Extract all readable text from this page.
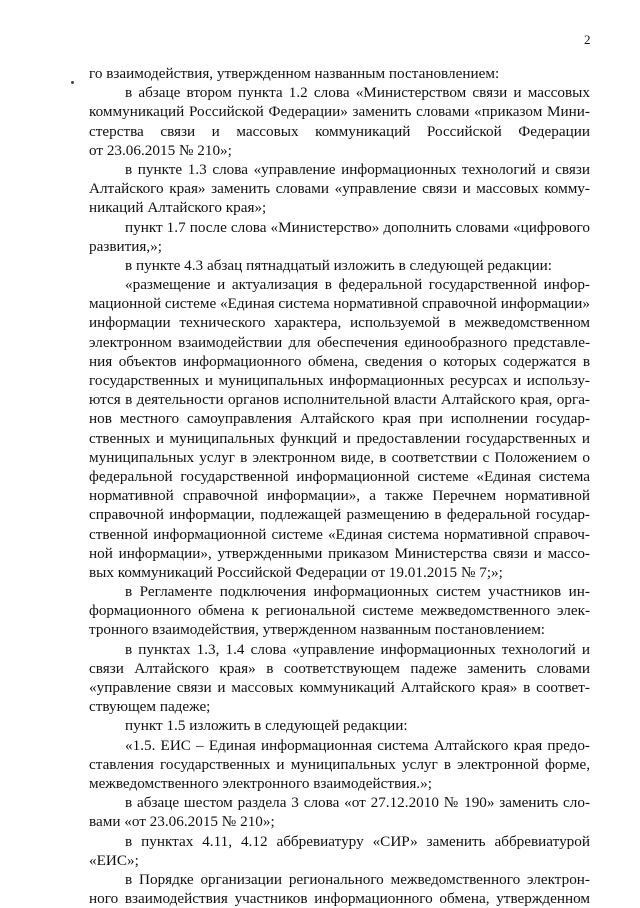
2
го взаимодействия, утвержденном названным постановлением:
в абзаце втором пункта 1.2 слова «Министерством связи и массовых
коммуникаций Российской Федерации» заменить словами «приказом Мини-
стерства связи и массовых коммуникаций Российской Федерации
от 23.06.2015 № 210»;
в пункте 1.3 слова «управление информационных технологий и связи
Алтайского края» заменить словами «управление связи и массовых комму-
никаций Алтайского края»;
пункт 1.7 после слова «Министерство» дополнить словами «цифрового
развития,»;
в пункте 4.3 абзац пятнадцатый изложить в следующей редакции:
«размещение и актуализация в федеральной государственной инфор-
мационной системе «Единая система нормативной справочной информации»
информации технического характера, используемой в межведомственном
электронном взаимодействии для обеспечения единообразного представле-
ния объектов информационного обмена, сведения о которых содержатся в
государственных и муниципальных информационных ресурсах и использу-
ются в деятельности органов исполнительной власти Алтайского края, орга-
нов местного самоуправления Алтайского края при исполнении государ-
ственных и муниципальных функций и предоставлении государственных и
муниципальных услуг в электронном виде, в соответствии с Положением о
федеральной государственной информационной системе «Единая система
нормативной справочной информации», а также Перечнем нормативной
справочной информации, подлежащей размещению в федеральной государ-
ственной информационной системе «Единая система нормативной справоч-
ной информации», утвержденными приказом Министерства связи и массо-
вых коммуникаций Российской Федерации от 19.01.2015 № 7;»;
в Регламенте подключения информационных систем участников ин-
формационного обмена к региональной системе межведомственного элек-
тронного взаимодействия, утвержденном названным постановлением:
в пунктах 1.3, 1.4 слова «управление информационных технологий и
связи Алтайского края» в соответствующем падеже заменить словами
«управление связи и массовых коммуникаций Алтайского края» в соответ-
ствующем падеже;
пункт 1.5 изложить в следующей редакции:
«1.5. ЕИС – Единая информационная система Алтайского края предо-
ставления государственных и муниципальных услуг в электронной форме,
межведомственного электронного взаимодействия.»;
в абзаце шестом раздела 3 слова «от 27.12.2010 № 190» заменить сло-
вами «от 23.06.2015 № 210»;
в пунктах 4.11, 4.12 аббревиатуру «СИР» заменить аббревиатурой
«ЕИС»;
в Порядке организации регионального межведомственного электрон-
ного взаимодействия участников информационного обмена, утвержденном
